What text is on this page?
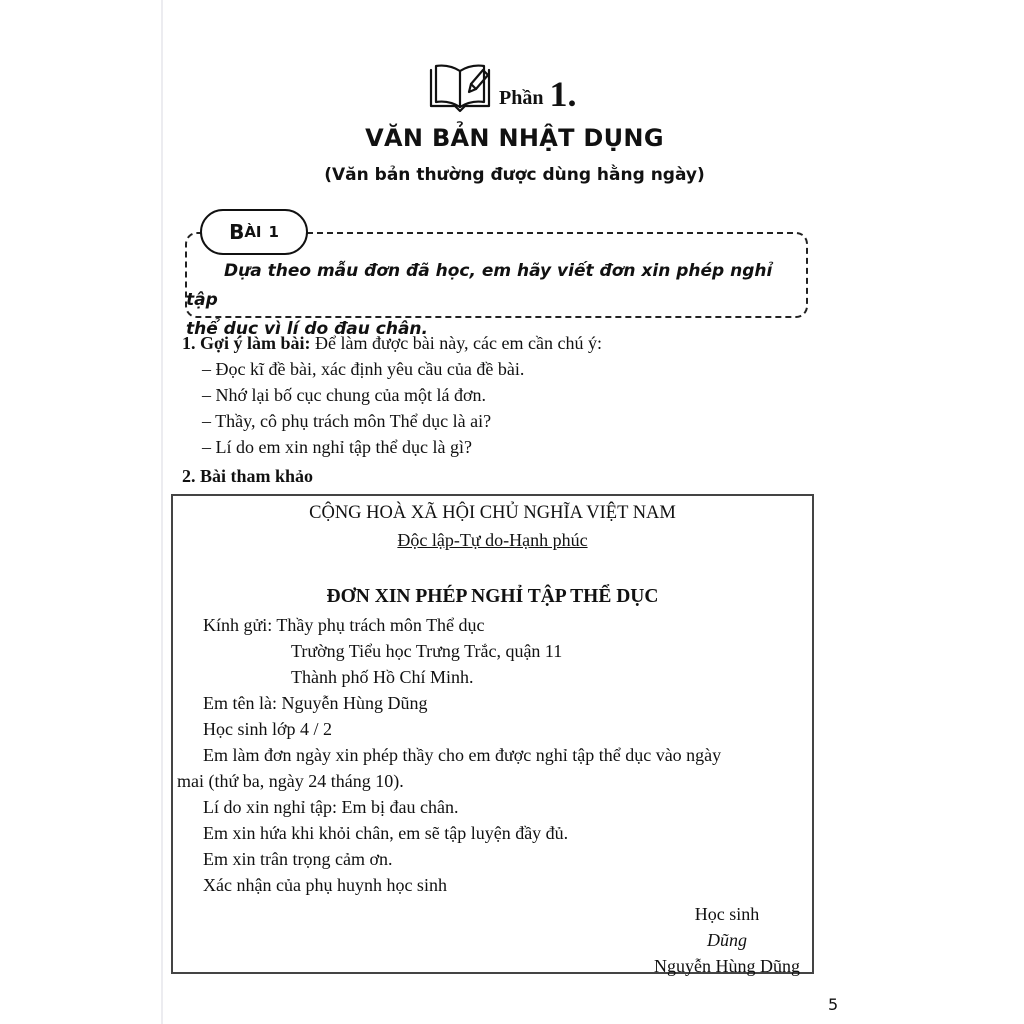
Phần 1.
VĂN BẢN NHẬT DỤNG
(Văn bản thường được dùng hằng ngày)
B ÀI
1
Dựa theo mẫu đơn đã học, em hãy viết đơn xin phép nghỉ tập
thể dục vì lí do đau chân.
1. Gợi ý làm bài: Để làm được bài này, các em cần chú ý:
– Đọc kĩ đề bài, xác định yêu cầu của đề bài.
– Nhớ lại bố cục chung của một lá đơn.
– Thầy, cô phụ trách môn Thể dục là ai?
– Lí do em xin nghỉ tập thể dục là gì?
2. Bài tham khảo
CỘNG HOÀ XÃ HỘI CHỦ NGHĨA VIỆT NAM
Độc lập-Tự do-Hạnh phúc
ĐƠN XIN PHÉP NGHỈ TẬP THỂ DỤC
Kính gửi: Thầy phụ trách môn Thể dục
Trường Tiểu học Trưng Trắc, quận 11
Thành phố Hồ Chí Minh.
Em tên là: Nguyễn Hùng Dũng
Học sinh lớp 4 / 2
Em làm đơn ngày xin phép thầy cho em được nghỉ tập thể dục vào ngày
mai (thứ ba, ngày 24 tháng 10).
Lí do xin nghỉ tập: Em bị đau chân.
Em xin hứa khi khỏi chân, em sẽ tập luyện đầy đủ.
Em xin trân trọng cảm ơn.
Xác nhận của phụ huynh học sinh
Học sinh
Dũng
Nguyễn Hùng Dũng
5
